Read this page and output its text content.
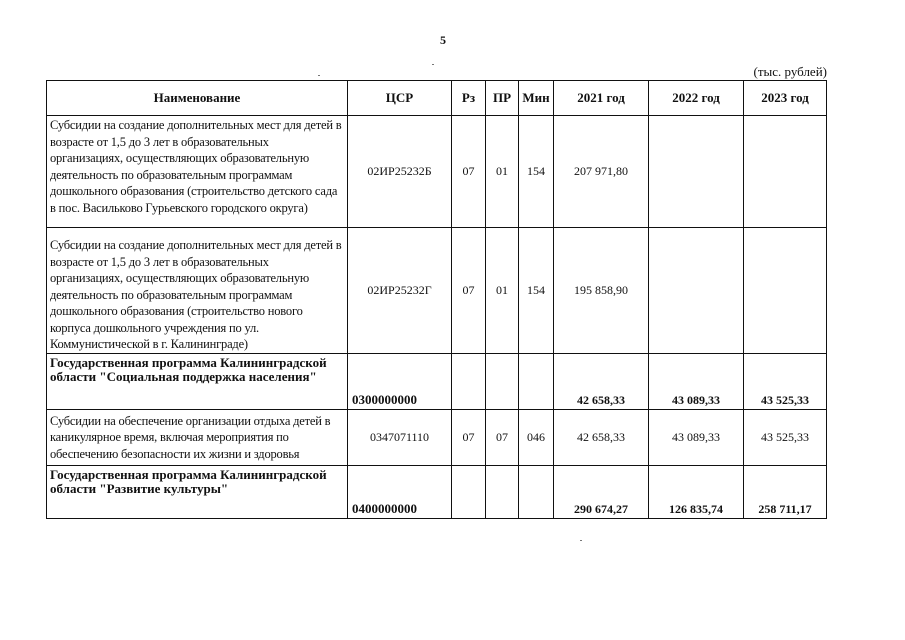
5
(тыс. рублей)
Наименование	ЦСР	Рз	ПР	Мин	2021 год	2022 год	2023 год
Субсидии на создание дополнительных мест для детей в возрасте от 1,5 до 3 лет в образовательных организациях, осуществляющих образовательную деятельность по образовательным программам дошкольного образования (строительство детского сада в пос. Васильково Гурьевского городского округа)	02ИР25232Б	07	01	154	207 971,80		
Субсидии на создание дополнительных мест для детей в возрасте от 1,5 до 3 лет в образовательных организациях, осуществляющих образовательную деятельность по образовательным программам дошкольного образования (строительство нового корпуса дошкольного учреждения по ул. Коммунистической в г. Калининграде)	02ИР25232Г	07	01	154	195 858,90		
Государственная программа Калининградской области "Социальная поддержка населения"	0300000000				42 658,33	43 089,33	43 525,33
Субсидии на обеспечение организации отдыха детей в каникулярное время, включая мероприятия по обеспечению безопасности их жизни и здоровья	0347071110	07	07	046	42 658,33	43 089,33	43 525,33
Государственная программа Калининградской области "Развитие культуры"	0400000000				290 674,27	126 835,74	258 711,17
